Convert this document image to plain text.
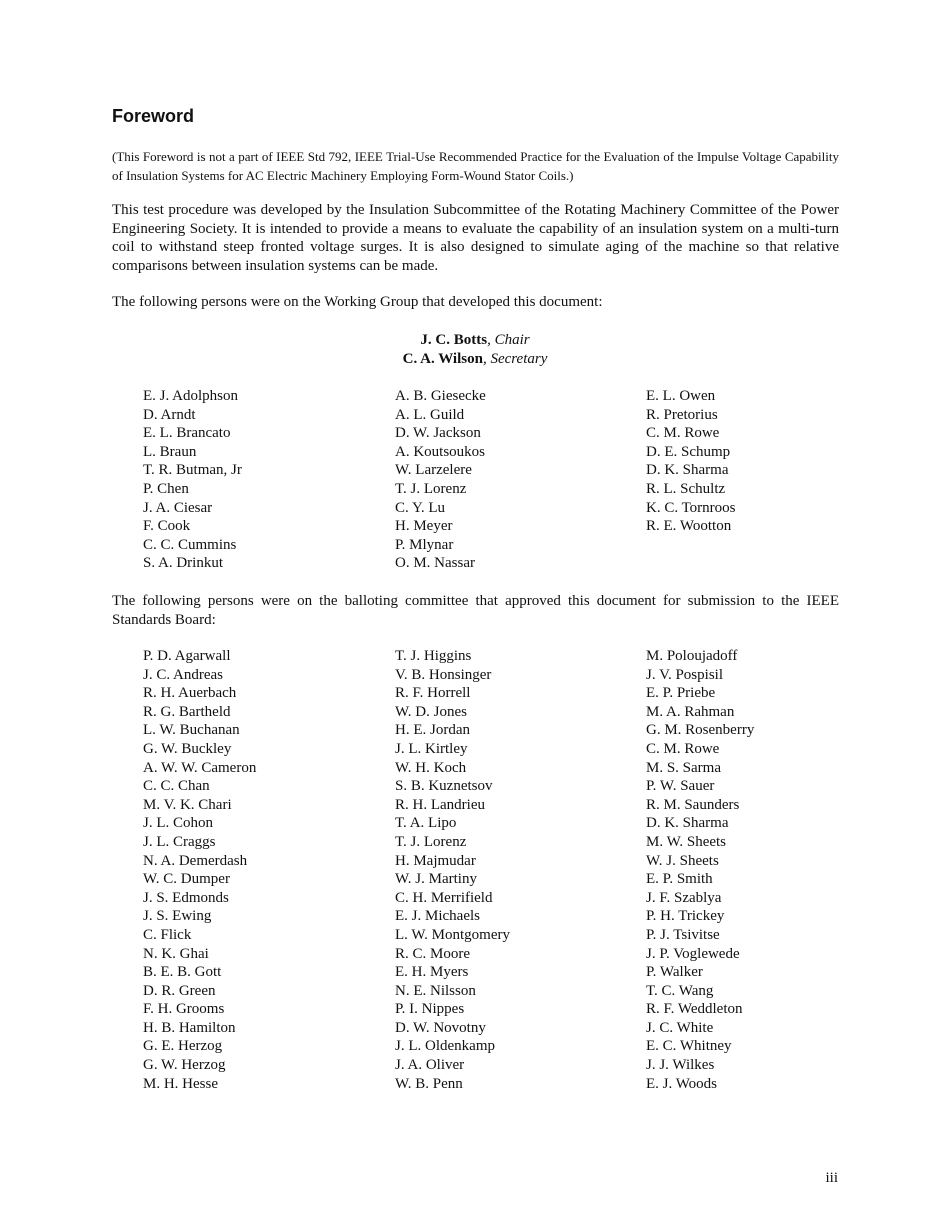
Foreword

(This Foreword is not a part of IEEE Std 792, IEEE Trial-Use Recommended Practice for the Evaluation of the Impulse Voltage Capability of Insulation Systems for AC Electric Machinery Employing Form-Wound Stator Coils.)

This test procedure was developed by the Insulation Subcommittee of the Rotating Machinery Committee of the Power Engineering Society. It is intended to provide a means to evaluate the capability of an insulation system on a multi-turn coil to withstand steep fronted voltage surges. It is also designed to simulate aging of the machine so that relative comparisons between insulation systems can be made.

The following persons were on the Working Group that developed this document:

J. C. Botts, Chair
C. A. Wilson, Secretary
E. J. Adolphson
D. Arndt
E. L. Brancato
L. Braun
T. R. Butman, Jr
P. Chen
J. A. Ciesar
F. Cook
C. C. Cummins
S. A. Drinkut
A. B. Giesecke
A. L. Guild
D. W. Jackson
A. Koutsoukos
W. Larzelere
T. J. Lorenz
C. Y. Lu
H. Meyer
P. Mlynar
O. M. Nassar
E. L. Owen
R. Pretorius
C. M. Rowe
D. E. Schump
D. K. Sharma
R. L. Schultz
K. C. Tornroos
R. E. Wootton

The following persons were on the balloting committee that approved this document for submission to the IEEE Standards Board:

P. D. Agarwall
J. C. Andreas
R. H. Auerbach
R. G. Bartheld
L. W. Buchanan
G. W. Buckley
A. W. W. Cameron
C. C. Chan
M. V. K. Chari
J. L. Cohon
J. L. Craggs
N. A. Demerdash
W. C. Dumper
J. S. Edmonds
J. S. Ewing
C. Flick
N. K. Ghai
B. E. B. Gott
D. R. Green
F. H. Grooms
H. B. Hamilton
G. E. Herzog
G. W. Herzog
M. H. Hesse
T. J. Higgins
V. B. Honsinger
R. F. Horrell
W. D. Jones
H. E. Jordan
J. L. Kirtley
W. H. Koch
S. B. Kuznetsov
R. H. Landrieu
T. A. Lipo
T. J. Lorenz
H. Majmudar
W. J. Martiny
C. H. Merrifield
E. J. Michaels
L. W. Montgomery
R. C. Moore
E. H. Myers
N. E. Nilsson
P. I. Nippes
D. W. Novotny
J. L. Oldenkamp
J. A. Oliver
W. B. Penn
M. Poloujadoff
J. V. Pospisil
E. P. Priebe
M. A. Rahman
G. M. Rosenberry
C. M. Rowe
M. S. Sarma
P. W. Sauer
R. M. Saunders
D. K. Sharma
M. W. Sheets
W. J. Sheets
E. P. Smith
J. F. Szablya
P. H. Trickey
P. J. Tsivitse
J. P. Voglewede
P. Walker
T. C. Wang
R. F. Weddleton
J. C. White
E. C. Whitney
J. J. Wilkes
E. J. Woods
iii
